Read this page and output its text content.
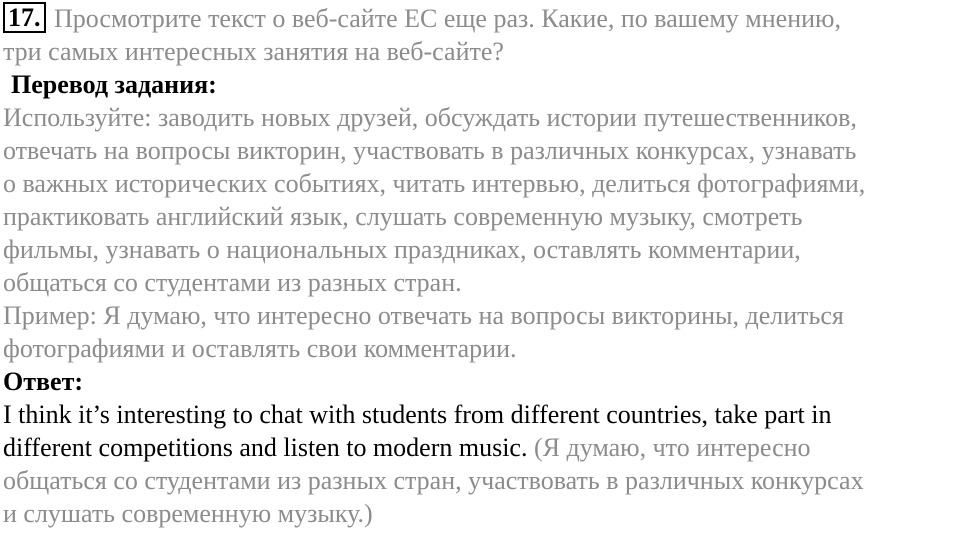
17. Просмотрите текст о веб-сайте ЕС еще раз. Какие, по вашему мнению,
три самых интересных занятия на веб-сайте?
Перевод задания:
Используйте: заводить новых друзей, обсуждать истории путешественников,
отвечать на вопросы викторин, участвовать в различных конкурсах, узнавать
о важных исторических событиях, читать интервью, делиться фотографиями,
практиковать английский язык, слушать современную музыку, смотреть
фильмы, узнавать о национальных праздниках, оставлять комментарии,
общаться со студентами из разных стран.
Пример: Я думаю, что интересно отвечать на вопросы викторины, делиться
фотографиями и оставлять свои комментарии.
Ответ:
I think it’s interesting to chat with students from different countries, take part in
different competitions and listen to modern music. (Я думаю, что интересно
общаться со студентами из разных стран, участвовать в различных конкурсах
и слушать современную музыку.)
